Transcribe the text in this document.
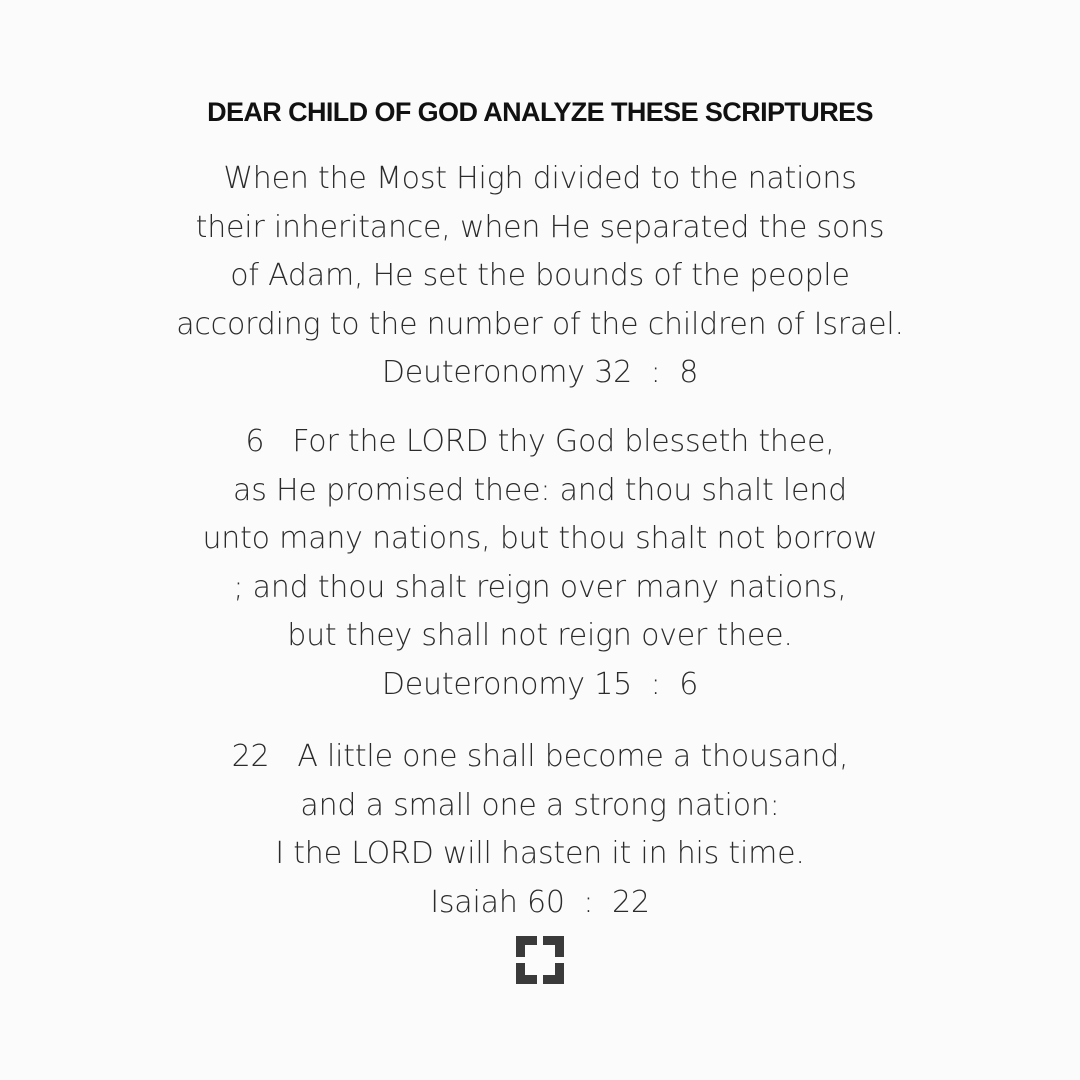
DEAR CHILD OF GOD ANALYZE THESE SCRIPTURES
When the Most High divided to the nations
their inheritance, when He separated the sons
of Adam, He set the bounds of the people
according to the number of the children of Israel.
Deuteronomy 32  :  8
6   For the LORD thy God blesseth thee,
as He promised thee: and thou shalt lend
unto many nations, but thou shalt not borrow
; and thou shalt reign over many nations,
but they shall not reign over thee.
Deuteronomy 15  :  6
22   A little one shall become a thousand,
and a small one a strong nation:
I the LORD will hasten it in his time.
Isaiah 60  :  22
